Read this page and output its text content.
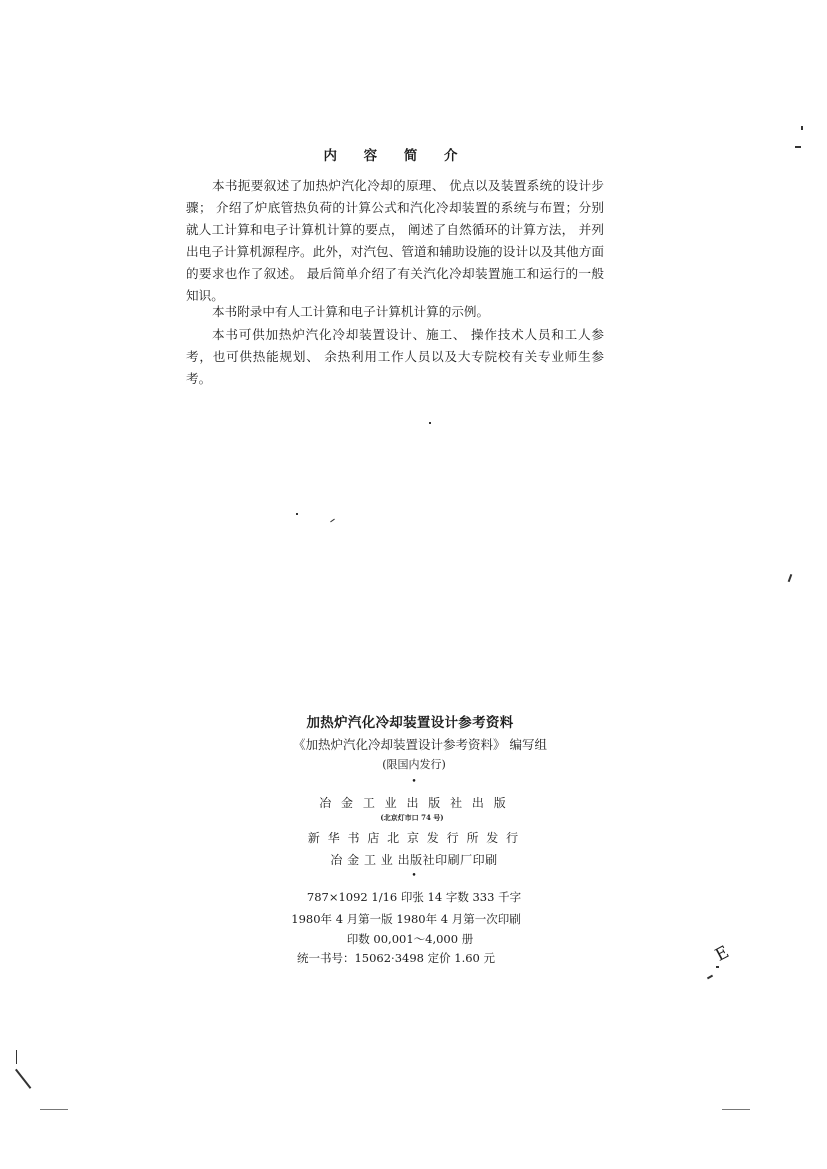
内 容 简 介

本书扼要叙述了加热炉汽化冷却的原理、 优点以及装置系统的设计步骤； 介绍了炉底管热负荷的计算公式和汽化冷却装置的系统与布置；分别就人工计算和电子计算机计算的要点， 阐述了自然循环的计算方法， 并列出电子计算机源程序。此外，对汽包、管道和辅助设施的设计以及其他方面的要求也作了叙述。 最后简单介绍了有关汽化冷却装置施工和运行的一般知识。

本书附录中有人工计算和电子计算机计算的示例。

本书可供加热炉汽化冷却装置设计、施工、 操作技术人员和工人参考，也可供热能规划、 余热利用工作人员以及大专院校有关专业师生参考。

加热炉汽化冷却装置设计参考资料
《加热炉汽化冷却装置设计参考资料》 编写组
(限国内发行)
•
冶 金 工 业 出 版 社 出 版
(北京灯市口 74 号)
新 华 书 店 北 京 发 行 所 发 行
冶 金 工 业 出版社印刷厂印刷
•
787×1092 1/16 印张 14 字数 333 千字
1980年 4 月第一版 1980年 4 月第一次印刷
印数 00,001～4,000 册
统一书号：15062·3498 定价 1.60 元	E
